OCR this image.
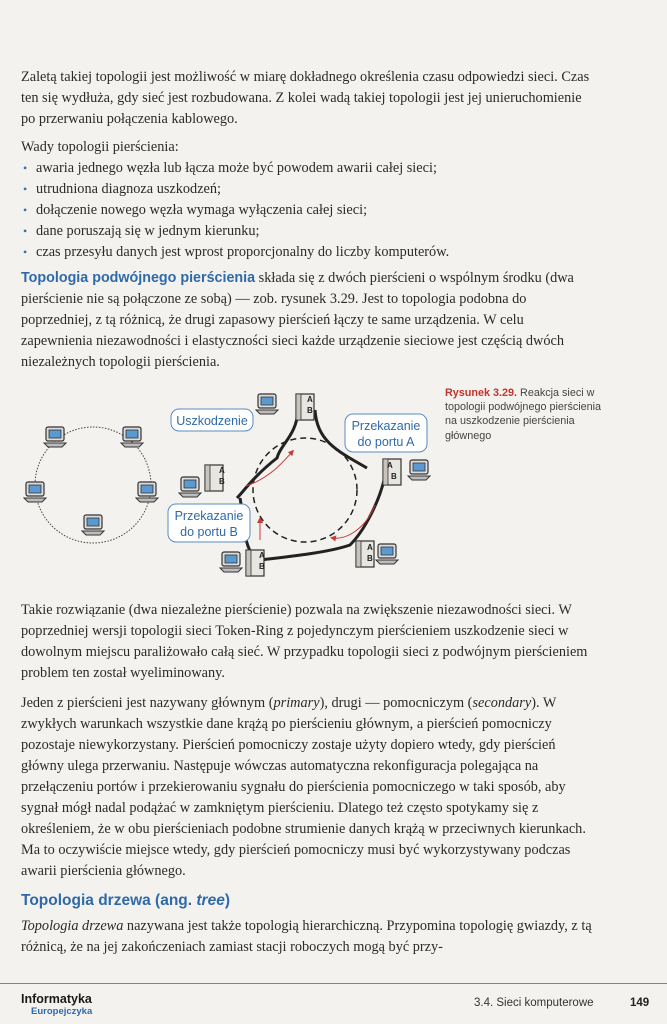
Zaletą takiej topologii jest możliwość w miarę dokładnego określenia czasu odpowiedzi sieci. Czas ten się wydłuża, gdy sieć jest rozbudowana. Z kolei wadą takiej topologii jest jej unieruchomienie po przerwaniu połączenia kablowego.

Wady topologii pierścienia:

• awaria jednego węzła lub łącza może być powodem awarii całej sieci;
• utrudniona diagnoza uszkodzeń;
• dołączenie nowego węzła wymaga wyłączenia całej sieci;
• dane poruszają się w jednym kierunku;
• czas przesyłu danych jest wprost proporcjonalny do liczby komputerów.

Topologia podwójnego pierścienia składa się z dwóch pierścieni o wspólnym środku (dwa pierścienie nie są połączone ze sobą) — zob. rysunek 3.29. Jest to topologia podobna do poprzedniej, z tą różnicą, że drugi zapasowy pierścień łączy te same urządzenia. W celu zapewnienia niezawodności i elastyczności sieci każde urządzenie sieciowe jest częścią dwóch niezależnych topologii pierścienia.

A
B
A
B
A
B
A
B
A
B
Uszkodzenie	Przekazanie
do portu A
Przekazanie
do portu B

Rysunek 3.29. Reakcja sieci w topologii podwójnego pierścienia na uszkodzenie pierścienia głównego

Takie rozwiązanie (dwa niezależne pierścienie) pozwala na zwiększenie niezawodności sieci. W poprzedniej wersji topologii sieci Token-Ring z pojedynczym pierścieniem uszkodzenie sieci w dowolnym miejscu paraliżowało całą sieć. W przypadku topologii sieci z podwójnym pierścieniem problem ten został wyeliminowany.

Jeden z pierścieni jest nazywany głównym (primary), drugi — pomocniczym (secondary). W zwykłych warunkach wszystkie dane krążą po pierścieniu głównym, a pierścień pomocniczy pozostaje niewykorzystany. Pierścień pomocniczy zostaje użyty dopiero wtedy, gdy pierścień główny ulega przerwaniu. Następuje wówczas automatyczna rekonfiguracja polegająca na przełączeniu portów i przekierowaniu sygnału do pierścienia pomocniczego w taki sposób, aby sygnał mógł nadal podążać w zamkniętym pierścieniu. Dlatego też często spotykamy się z określeniem, że w obu pierścieniach podobne strumienie danych krążą w przeciwnych kierunkach. Ma to oczywiście miejsce wtedy, gdy pierścień pomocniczy musi być wykorzystywany podczas awarii pierścienia głównego.

Topologia drzewa (ang. tree)

Topologia drzewa nazywana jest także topologią hierarchiczną. Przypomina topologię gwiazdy, z tą różnicą, że na jej zakończeniach zamiast stacji roboczych mogą być przy-

Informatyka
Europejczyka
3.4. Sieci komputerowe	149
